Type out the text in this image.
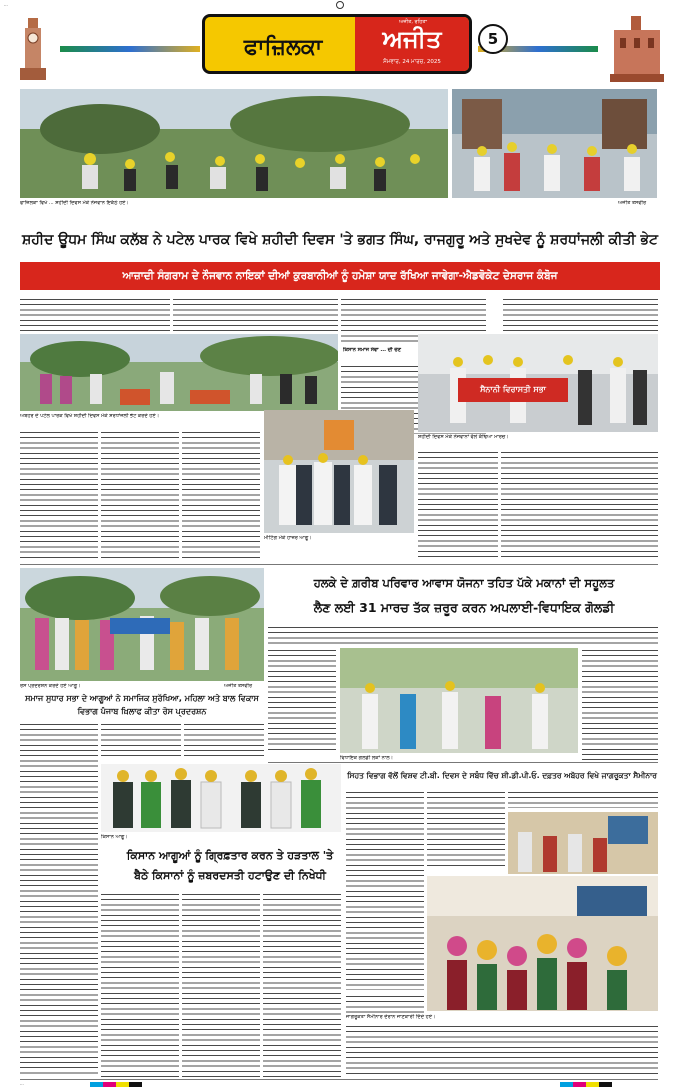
...
ਫਾਜ਼ਿਲਕਾ
ਅਜੀਤ, ਰਹਿਤਾ
ਅਜੀਤ
ਸੋਮਵਾਰ, 24 ਮਾਰਚ, 2025
5
ਫਾਜ਼ਿਲਕਾ ਵਿਖੇ ... ਸ਼ਹੀਦੀ ਦਿਵਸ ਮੌਕੇ ਨੌਜਵਾਨ ਇਕੱਠੇ ਹੋਏ।	ਅਜੀਤ ਤਸਵੀਰ
ਸ਼ਹੀਦ ਊਧਮ ਸਿੰਘ ਕਲੱਬ ਨੇ ਪਟੇਲ ਪਾਰਕ ਵਿਖੇ ਸ਼ਹੀਦੀ ਦਿਵਸ 'ਤੇ ਭਗਤ ਸਿੰਘ, ਰਾਜਗੁਰੂ ਅਤੇ ਸੁਖਦੇਵ ਨੂੰ ਸ਼ਰਧਾਂਜਲੀ ਕੀਤੀ ਭੇਟ
ਆਜ਼ਾਦੀ ਸੰਗਰਾਮ ਦੇ ਨੌਜਵਾਨ ਨਾਇਕਾਂ ਦੀਆਂ ਕੁਰਬਾਨੀਆਂ ਨੂੰ ਹਮੇਸ਼ਾ ਯਾਦ ਰੱਖਿਆ ਜਾਵੇਗਾ-ਐਡਵੋਕੇਟ ਦੇਸਰਾਜ ਕੰਬੋਜ
ਅਬੋਹਰ ਦੇ ਪਟੇਲ ਪਾਰਕ ਵਿਖੇ ਸ਼ਹੀਦੀ ਦਿਵਸ ਮੌਕੇ ਸ਼ਰਧਾਂਜਲੀ ਭੇਟ ਕਰਦੇ ਹੋਏ।
ਕਿਸਾਨ ਸਮਾਜ ਸੇਵਾ ... ਦੀ ਚੋਣ
ਸੈਨਾਨੀ ਵਿਰਾਸਤੀ ਸਭਾ
ਸ਼ਹੀਦੀ ਦਿਵਸ ਮੌਕੇ ਨੌਜਵਾਨਾਂ ਵੱਲੋਂ ਕੱਢਿਆ ਮਾਰਚ।
ਮੀਟਿੰਗ ਮੌਕੇ ਹਾਜ਼ਰ ਆਗੂ।
ਰੋਸ ਪ੍ਰਦਰਸ਼ਨ ਕਰਦੇ ਹੋਏ ਆਗੂ।	ਅਜੀਤ ਤਸਵੀਰ
ਹਲਕੇ ਦੇ ਗ਼ਰੀਬ ਪਰਿਵਾਰ ਆਵਾਸ ਯੋਜਨਾ ਤਹਿਤ ਪੱਕੇ ਮਕਾਨਾਂ ਦੀ ਸਹੂਲਤ
ਲੈਣ ਲਈ 31 ਮਾਰਚ ਤੱਕ ਜ਼ਰੂਰ ਕਰਨ ਅਪਲਾਈ-ਵਿਧਾਇਕ ਗੋਲਡੀ
ਵਿਧਾਇਕ ਗੋਲਡੀ ਲੋਕਾਂ ਨਾਲ।
ਸਮਾਜ ਸੁਧਾਰ ਸਭਾ ਦੇ ਆਗੂਆਂ ਨੇ ਸਮਾਜਿਕ ਸੁਰੱਖਿਆ, ਮਹਿਲਾ ਅਤੇ ਬਾਲ ਵਿਕਾਸ ਵਿਭਾਗ ਪੰਜਾਬ ਖ਼ਿਲਾਫ ਕੀਤਾ ਰੋਸ ਪ੍ਰਦਰਸ਼ਨ
ਕਿਸਾਨ ਆਗੂ।
ਕਿਸਾਨ ਆਗੂਆਂ ਨੂੰ ਗ੍ਰਿਫ਼ਤਾਰ ਕਰਨ ਤੇ ਹੜਤਾਲ 'ਤੇ ਬੈਠੇ ਕਿਸਾਨਾਂ ਨੂੰ ਜ਼ਬਰਦਸਤੀ ਹਟਾਉਣ ਦੀ ਨਿਖੇਧੀ
ਸਿਹਤ ਵਿਭਾਗ ਵੱਲੋਂ ਵਿਸ਼ਵ ਟੀ.ਬੀ. ਦਿਵਸ ਦੇ ਸਬੰਧ ਵਿੱਚ ਸ਼ੀ.ਡੀ.ਪੀ.ਓ. ਦਫ਼ਤਰ ਅਬੋਹਰ ਵਿਖੇ ਜਾਗਰੂਕਤਾ ਸੈਮੀਨਾਰ
ਜਾਗਰੂਕਤਾ ਸੈਮੀਨਾਰ ਦੌਰਾਨ ਜਾਣਕਾਰੀ ਦਿੰਦੇ ਹੋਏ।
...
